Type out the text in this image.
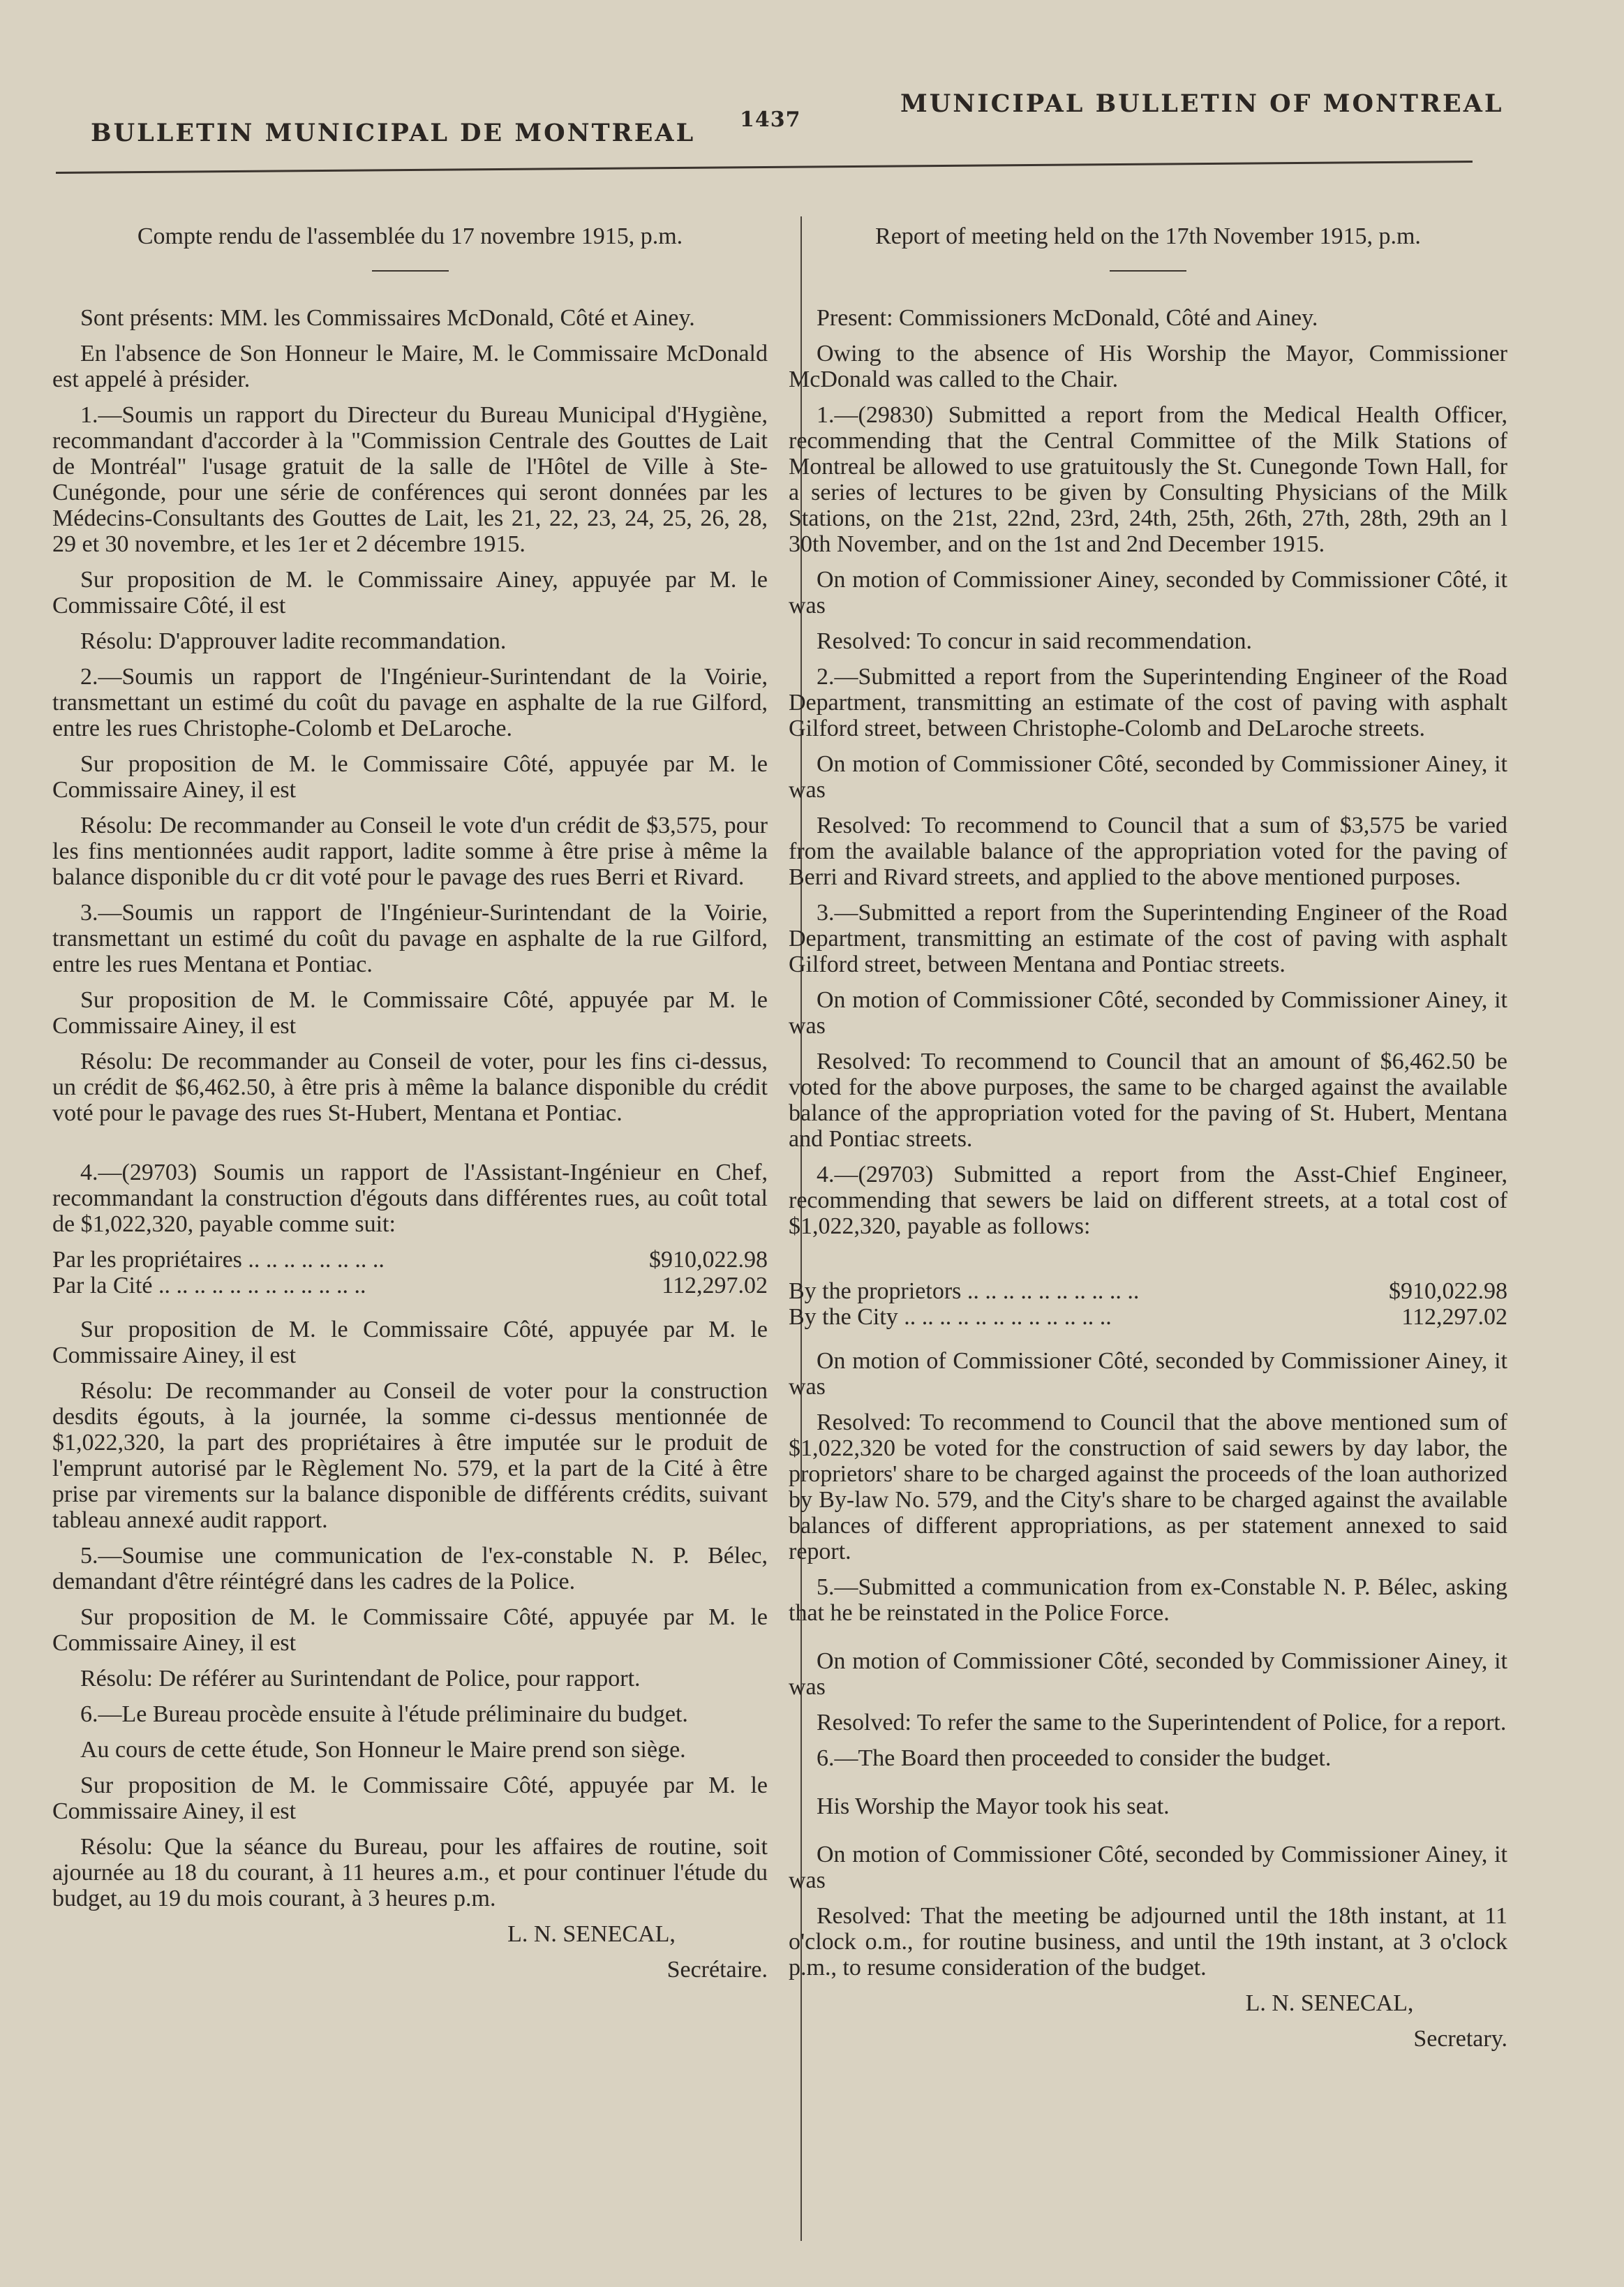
BULLETIN MUNICIPAL DE MONTREAL 1437
MUNICIPAL BULLETIN OF MONTREAL

Compte rendu de l'assemblée du 17 novembre 1915, p.m.

Sont présents: MM. les Commissaires McDonald, Côté et Ainey.

En l'absence de Son Honneur le Maire, M. le Commissaire McDonald est appelé à présider.

1.—Soumis un rapport du Directeur du Bureau Municipal d'Hygiène, recommandant d'accorder à la "Commission Centrale des Gouttes de Lait de Montréal" l'usage gratuit de la salle de l'Hôtel de Ville à Ste-Cunégonde, pour une série de conférences qui seront données par les Médecins-Consultants des Gouttes de Lait, les 21, 22, 23, 24, 25, 26, 28, 29 et 30 novembre, et les 1er et 2 décembre 1915.

Sur proposition de M. le Commissaire Ainey, appuyée par M. le Commissaire Côté, il est

Résolu: D'approuver ladite recommandation.

2.—Soumis un rapport de l'Ingénieur-Surintendant de la Voirie, transmettant un estimé du coût du pavage en asphalte de la rue Gilford, entre les rues Christophe-Colomb et DeLaroche.

Sur proposition de M. le Commissaire Côté, appuyée par M. le Commissaire Ainey, il est

Résolu: De recommander au Conseil le vote d'un crédit de $3,575, pour les fins mentionnées audit rapport, ladite somme à être prise à même la balance disponible du cr dit voté pour le pavage des rues Berri et Rivard.

3.—Soumis un rapport de l'Ingénieur-Surintendant de la Voirie, transmettant un estimé du coût du pavage en asphalte de la rue Gilford, entre les rues Mentana et Pontiac.

Sur proposition de M. le Commissaire Côté, appuyée par M. le Commissaire Ainey, il est

Résolu: De recommander au Conseil de voter, pour les fins ci-dessus, un crédit de $6,462.50, à être pris à même la balance disponible du crédit voté pour le pavage des rues St-Hubert, Mentana et Pontiac.

4.—(29703) Soumis un rapport de l'Assistant-Ingénieur en Chef, recommandant la construction d'égouts dans différentes rues, au coût total de $1,022,320, payable comme suit:

Par les propriétaires .. .. .. .. .. .. .. ..	$910,022.98
Par la Cité .. .. .. .. .. .. .. .. .. .. .. ..	112,297.02

Sur proposition de M. le Commissaire Côté, appuyée par M. le Commissaire Ainey, il est

Résolu: De recommander au Conseil de voter pour la construction desdits égouts, à la journée, la somme ci-dessus mentionnée de $1,022,320, la part des propriétaires à être imputée sur le produit de l'emprunt autorisé par le Règlement No. 579, et la part de la Cité à être prise par virements sur la balance disponible de différents crédits, suivant tableau annexé audit rapport.

5.—Soumise une communication de l'ex-constable N. P. Bélec, demandant d'être réintégré dans les cadres de la Police.

Sur proposition de M. le Commissaire Côté, appuyée par M. le Commissaire Ainey, il est

Résolu: De référer au Surintendant de Police, pour rapport.

6.—Le Bureau procède ensuite à l'étude préliminaire du budget.

Au cours de cette étude, Son Honneur le Maire prend son siège.

Sur proposition de M. le Commissaire Côté, appuyée par M. le Commissaire Ainey, il est

Résolu: Que la séance du Bureau, pour les affaires de routine, soit ajournée au 18 du courant, à 11 heures a.m., et pour continuer l'étude du budget, au 19 du mois courant, à 3 heures p.m.

L. N. SENECAL,

Secrétaire.

Report of meeting held on the 17th November 1915, p.m.

Present: Commissioners McDonald, Côté and Ainey.

Owing to the absence of His Worship the Mayor, Commissioner McDonald was called to the Chair.

1.—(29830) Submitted a report from the Medical Health Officer, recommending that the Central Committee of the Milk Stations of Montreal be allowed to use gratuitously the St. Cunegonde Town Hall, for a series of lectures to be given by Consulting Physicians of the Milk Stations, on the 21st, 22nd, 23rd, 24th, 25th, 26th, 27th, 28th, 29th an l 30th November, and on the 1st and 2nd December 1915.

On motion of Commissioner Ainey, seconded by Commissioner Côté, it was

Resolved: To concur in said recommendation.

2.—Submitted a report from the Superintending Engineer of the Road Department, transmitting an estimate of the cost of paving with asphalt Gilford street, between Christophe-Colomb and DeLaroche streets.

On motion of Commissioner Côté, seconded by Commissioner Ainey, it was

Resolved: To recommend to Council that a sum of $3,575 be varied from the available balance of the appropriation voted for the paving of Berri and Rivard streets, and applied to the above mentioned purposes.

3.—Submitted a report from the Superintending Engineer of the Road Department, transmitting an estimate of the cost of paving with asphalt Gilford street, between Mentana and Pontiac streets.

On motion of Commissioner Côté, seconded by Commissioner Ainey, it was

Resolved: To recommend to Council that an amount of $6,462.50 be voted for the above purposes, the same to be charged against the available balance of the appropriation voted for the paving of St. Hubert, Mentana and Pontiac streets.

4.—(29703) Submitted a report from the Asst-Chief Engineer, recommending that sewers be laid on different streets, at a total cost of $1,022,320, payable as follows:

By the proprietors .. .. .. .. .. .. .. .. .. ..	$910,022.98
By the City .. .. .. .. .. .. .. .. .. .. .. ..	112,297.02

On motion of Commissioner Côté, seconded by Commissioner Ainey, it was

Resolved: To recommend to Council that the above mentioned sum of $1,022,320 be voted for the construction of said sewers by day labor, the proprietors' share to be charged against the proceeds of the loan authorized by By-law No. 579, and the City's share to be charged against the available balances of different appropriations, as per statement annexed to said report.

5.—Submitted a communication from ex-Constable N. P. Bélec, asking that he be reinstated in the Police Force.

On motion of Commissioner Côté, seconded by Commissioner Ainey, it was

Resolved: To refer the same to the Superintendent of Police, for a report.

6.—The Board then proceeded to consider the budget.

His Worship the Mayor took his seat.

On motion of Commissioner Côté, seconded by Commissioner Ainey, it was

Resolved: That the meeting be adjourned until the 18th instant, at 11 o'clock o.m., for routine business, and until the 19th instant, at 3 o'clock p.m., to resume consideration of the budget.

L. N. SENECAL,

Secretary.
